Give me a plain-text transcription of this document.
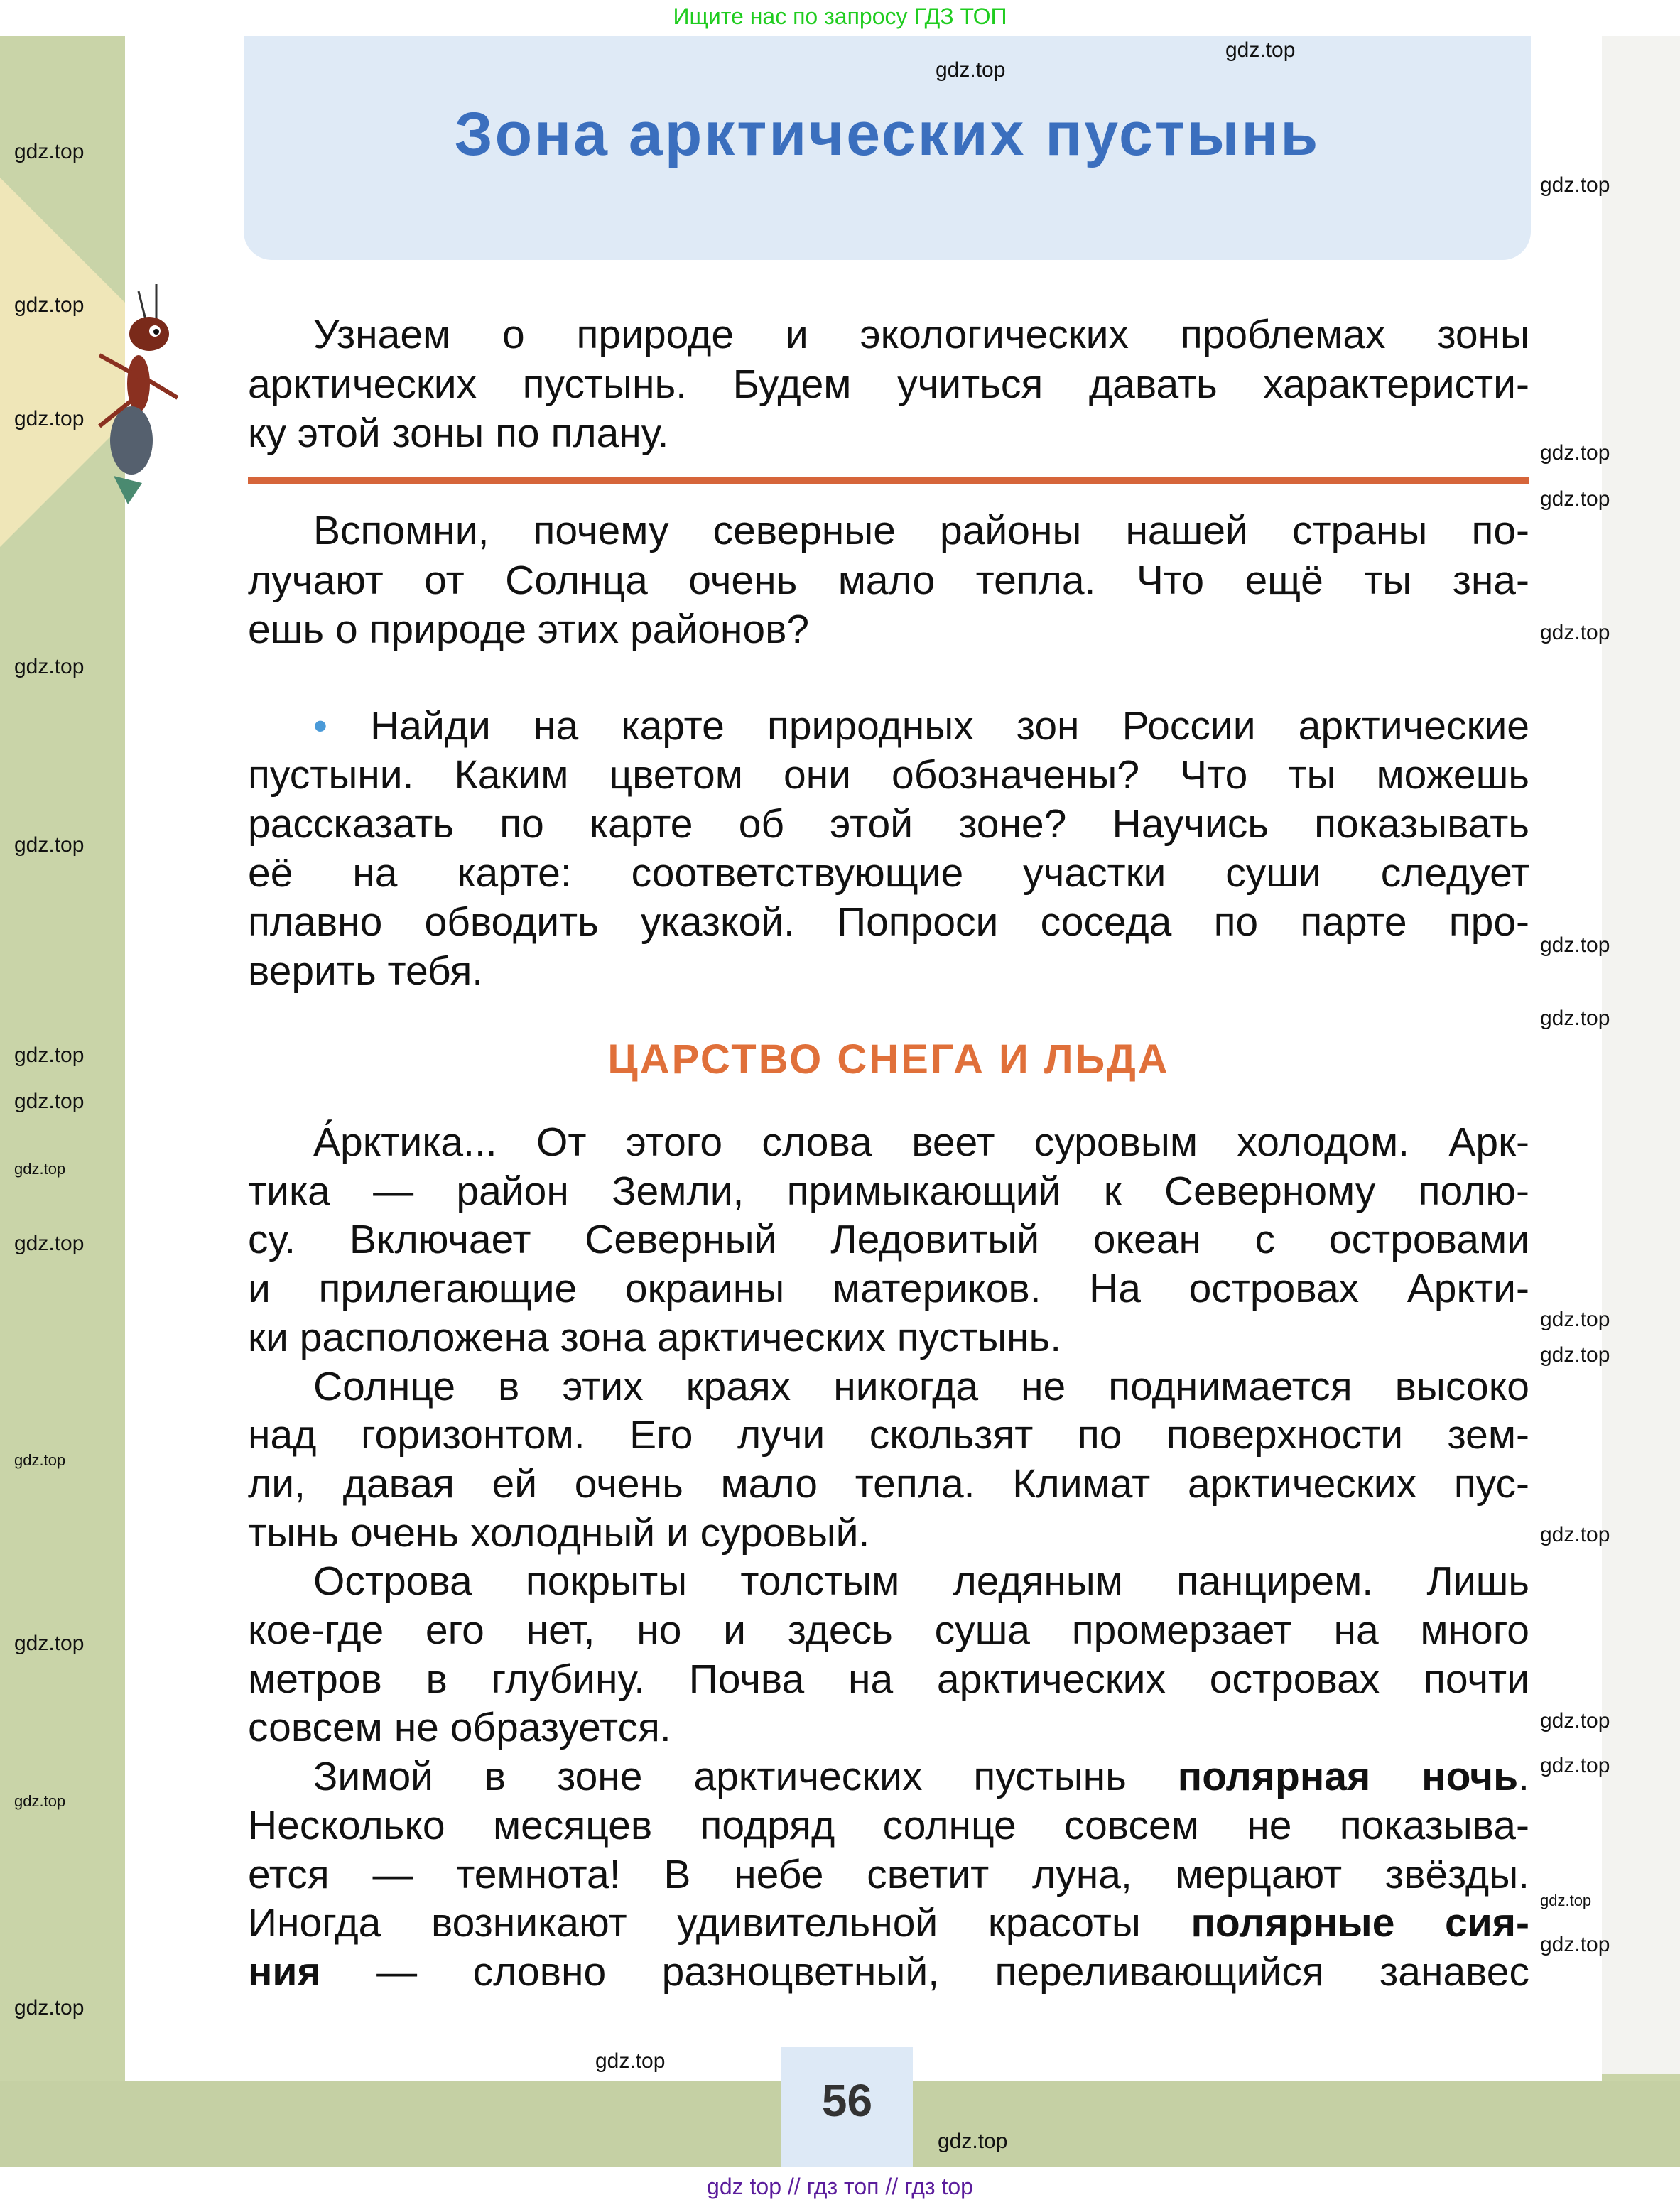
Ищите нас по запросу ГДЗ ТОП
Зона арктических пустынь
ЦАРСТВО СНЕГА И ЛЬДА
56
gdz top // гдз топ // гдз top
gdz.top
gdz.top
gdz.top
gdz.top
gdz.top
gdz.top
gdz.top
gdz.top
gdz.top
gdz.top
gdz.top
gdz.top
gdz.top
gdz.top
gdz.top
gdz.top
gdz.top
gdz.top
gdz.top
gdz.top
gdz.top
gdz.top
gdz.top
gdz.top
gdz.top
gdz.top
gdz.top
gdz.top
gdz.top
gdz.top
Узнаем о природе и экологических проблемах зоны
арктических пустынь. Будем учиться давать характеристи-
ку этой зоны по плану.
Вспомни, почему северные районы нашей страны по-
лучают от Солнца очень мало тепла. Что ещё ты зна-
ешь о природе этих районов?
• Найди на карте природных зон России арктические
пустыни. Каким цветом они обозначены? Что ты можешь
рассказать по карте об этой зоне? Научись показывать
её на карте: соответствующие участки суши следует
плавно обводить указкой. Попроси соседа по парте про-
верить тебя.
А́рктика... От этого слова веет суровым холодом. Арк-
тика — район Земли, примыкающий к Северному полю-
су. Включает Северный Ледовитый океан с островами
и прилегающие окраины материков. На островах Аркти-
ки расположена зона арктических пустынь.
Солнце в этих краях никогда не поднимается высоко
над горизонтом. Его лучи скользят по поверхности зем-
ли, давая ей очень мало тепла. Климат арктических пус-
тынь очень холодный и суровый.
Острова покрыты толстым ледяным панцирем. Лишь
кое-где его нет, но и здесь суша промерзает на много
метров в глубину. Почва на арктических островах почти
совсем не образуется.
Зимой в зоне арктических пустынь полярная ночь.
Несколько месяцев подряд солнце совсем не показыва-
ется — темнота! В небе светит луна, мерцают звёзды.
Иногда возникают удивительной красоты полярные сия-
ния — словно разноцветный, переливающийся занавес
